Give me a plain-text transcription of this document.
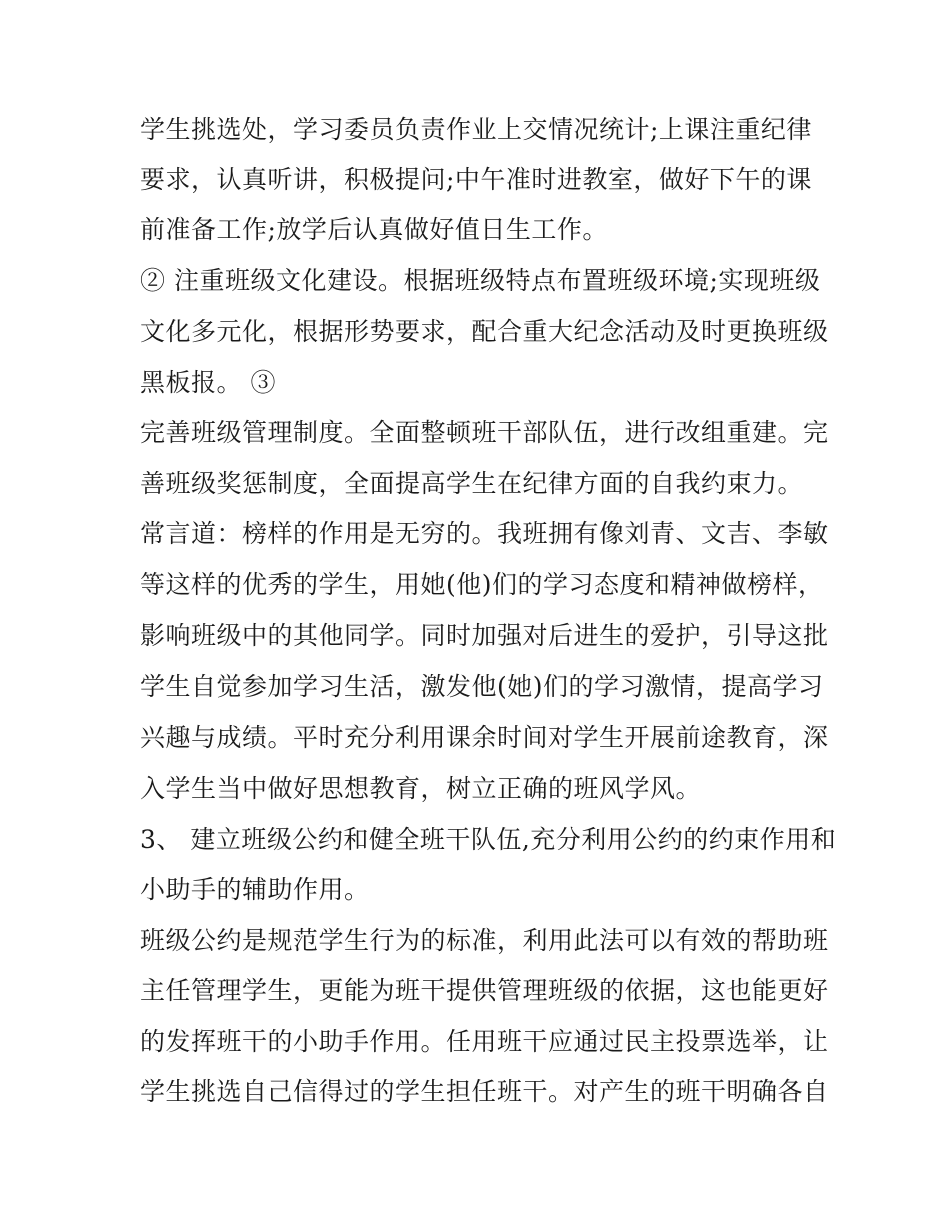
学生挑选处，学习委员负责作业上交情况统计;上课注重纪律
要求，认真听讲，积极提问;中午准时进教室，做好下午的课
前准备工作;放学后认真做好值日生工作。
② 注重班级文化建设。根据班级特点布置班级环境;实现班级
文化多元化，根据形势要求，配合重大纪念活动及时更换班级
黑板报。 ③
完善班级管理制度。全面整顿班干部队伍，进行改组重建。完
善班级奖惩制度，全面提高学生在纪律方面的自我约束力。
常言道：榜样的作用是无穷的。我班拥有像刘青、文吉、李敏
等这样的优秀的学生，用她(他)们的学习态度和精神做榜样，
影响班级中的其他同学。同时加强对后进生的爱护，引导这批
学生自觉参加学习生活，激发他(她)们的学习激情，提高学习
兴趣与成绩。平时充分利用课余时间对学生开展前途教育，深
入学生当中做好思想教育，树立正确的班风学风。
3、 建立班级公约和健全班干队伍,充分利用公约的约束作用和
小助手的辅助作用。
班级公约是规范学生行为的标准，利用此法可以有效的帮助班
主任管理学生，更能为班干提供管理班级的依据，这也能更好
的发挥班干的小助手作用。任用班干应通过民主投票选举，让
学生挑选自己信得过的学生担任班干。对产生的班干明确各自
